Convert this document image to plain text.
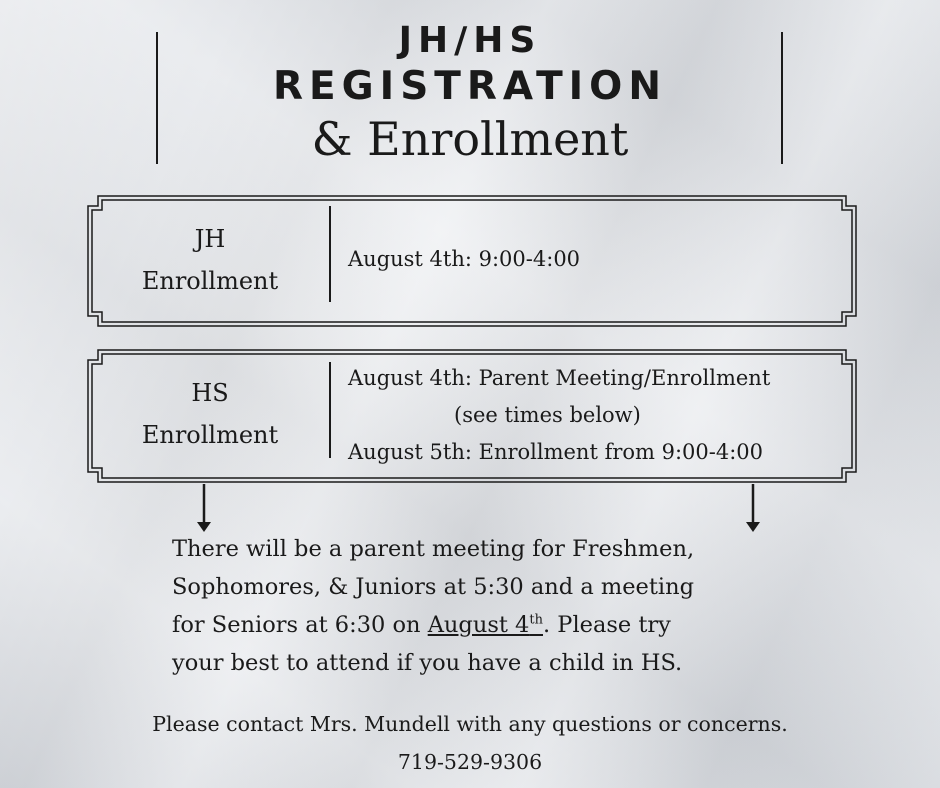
JH/HS
REGISTRATION
& Enrollment
JH
Enrollment
August 4th: 9:00-4:00
HS
Enrollment
August 4th: Parent Meeting/Enrollment
(see times below)
August 5th: Enrollment from 9:00-4:00
There will be a parent meeting for Freshmen,
Sophomores, & Juniors at 5:30 and a meeting
for Seniors at 6:30 on August 4th. Please try
your best to attend if you have a child in HS.
Please contact Mrs. Mundell with any questions or concerns.
719-529-9306
